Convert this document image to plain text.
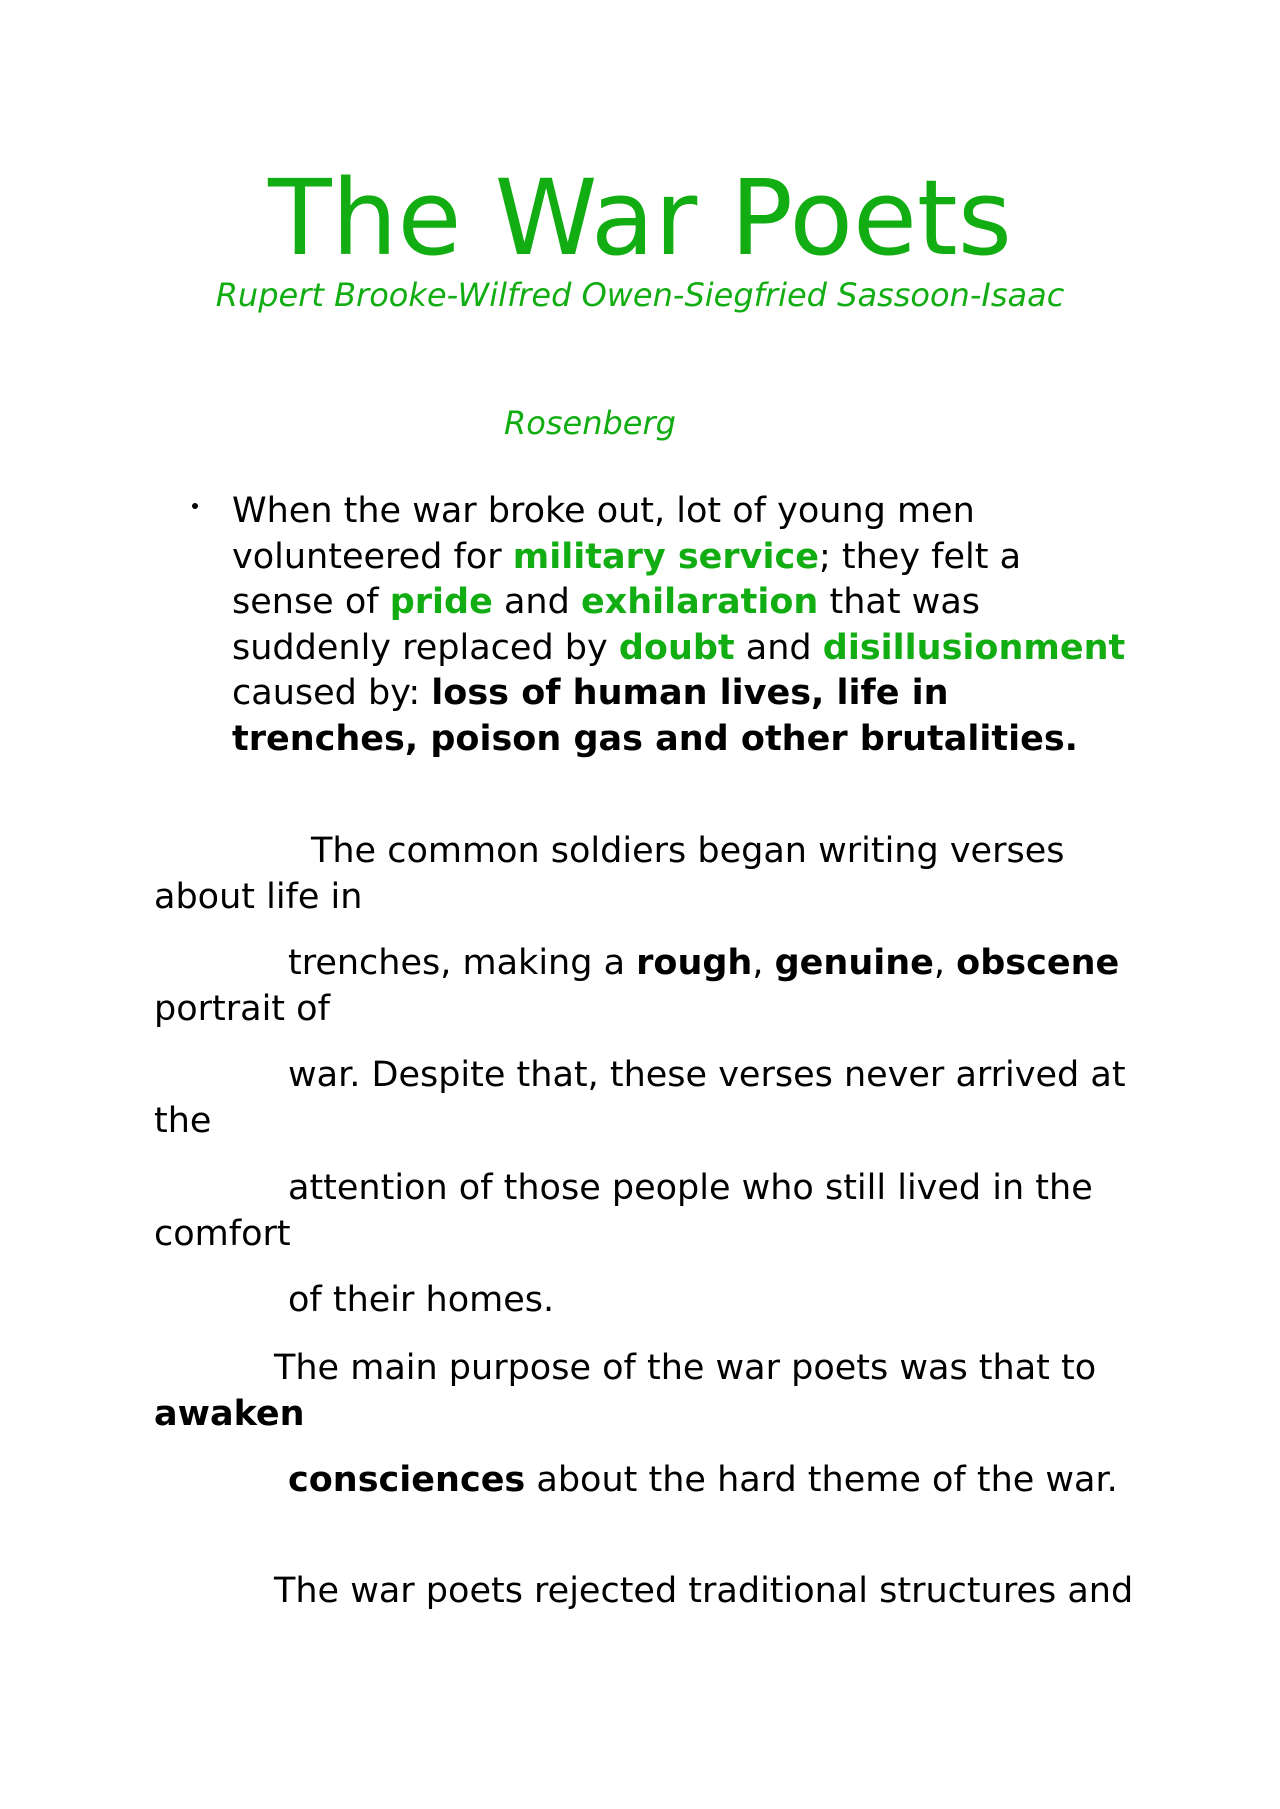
The War Poets
Rupert Brooke-Wilfred Owen-Siegfried Sassoon-Isaac
Rosenberg
When the war broke out, lot of young men volunteered for military service; they felt a sense of pride and exhilaration that was suddenly replaced by doubt and disillusionment caused by: loss of human lives, life in trenches, poison gas and other brutalities.

The common soldiers began writing verses about life in

trenches, making a rough, genuine, obscene portrait of

war. Despite that, these verses never arrived at the

attention of those people who still lived in the comfort

of their homes.

The main purpose of the war poets was that to awaken

consciences about the hard theme of the war.

The war poets rejected traditional structures and
